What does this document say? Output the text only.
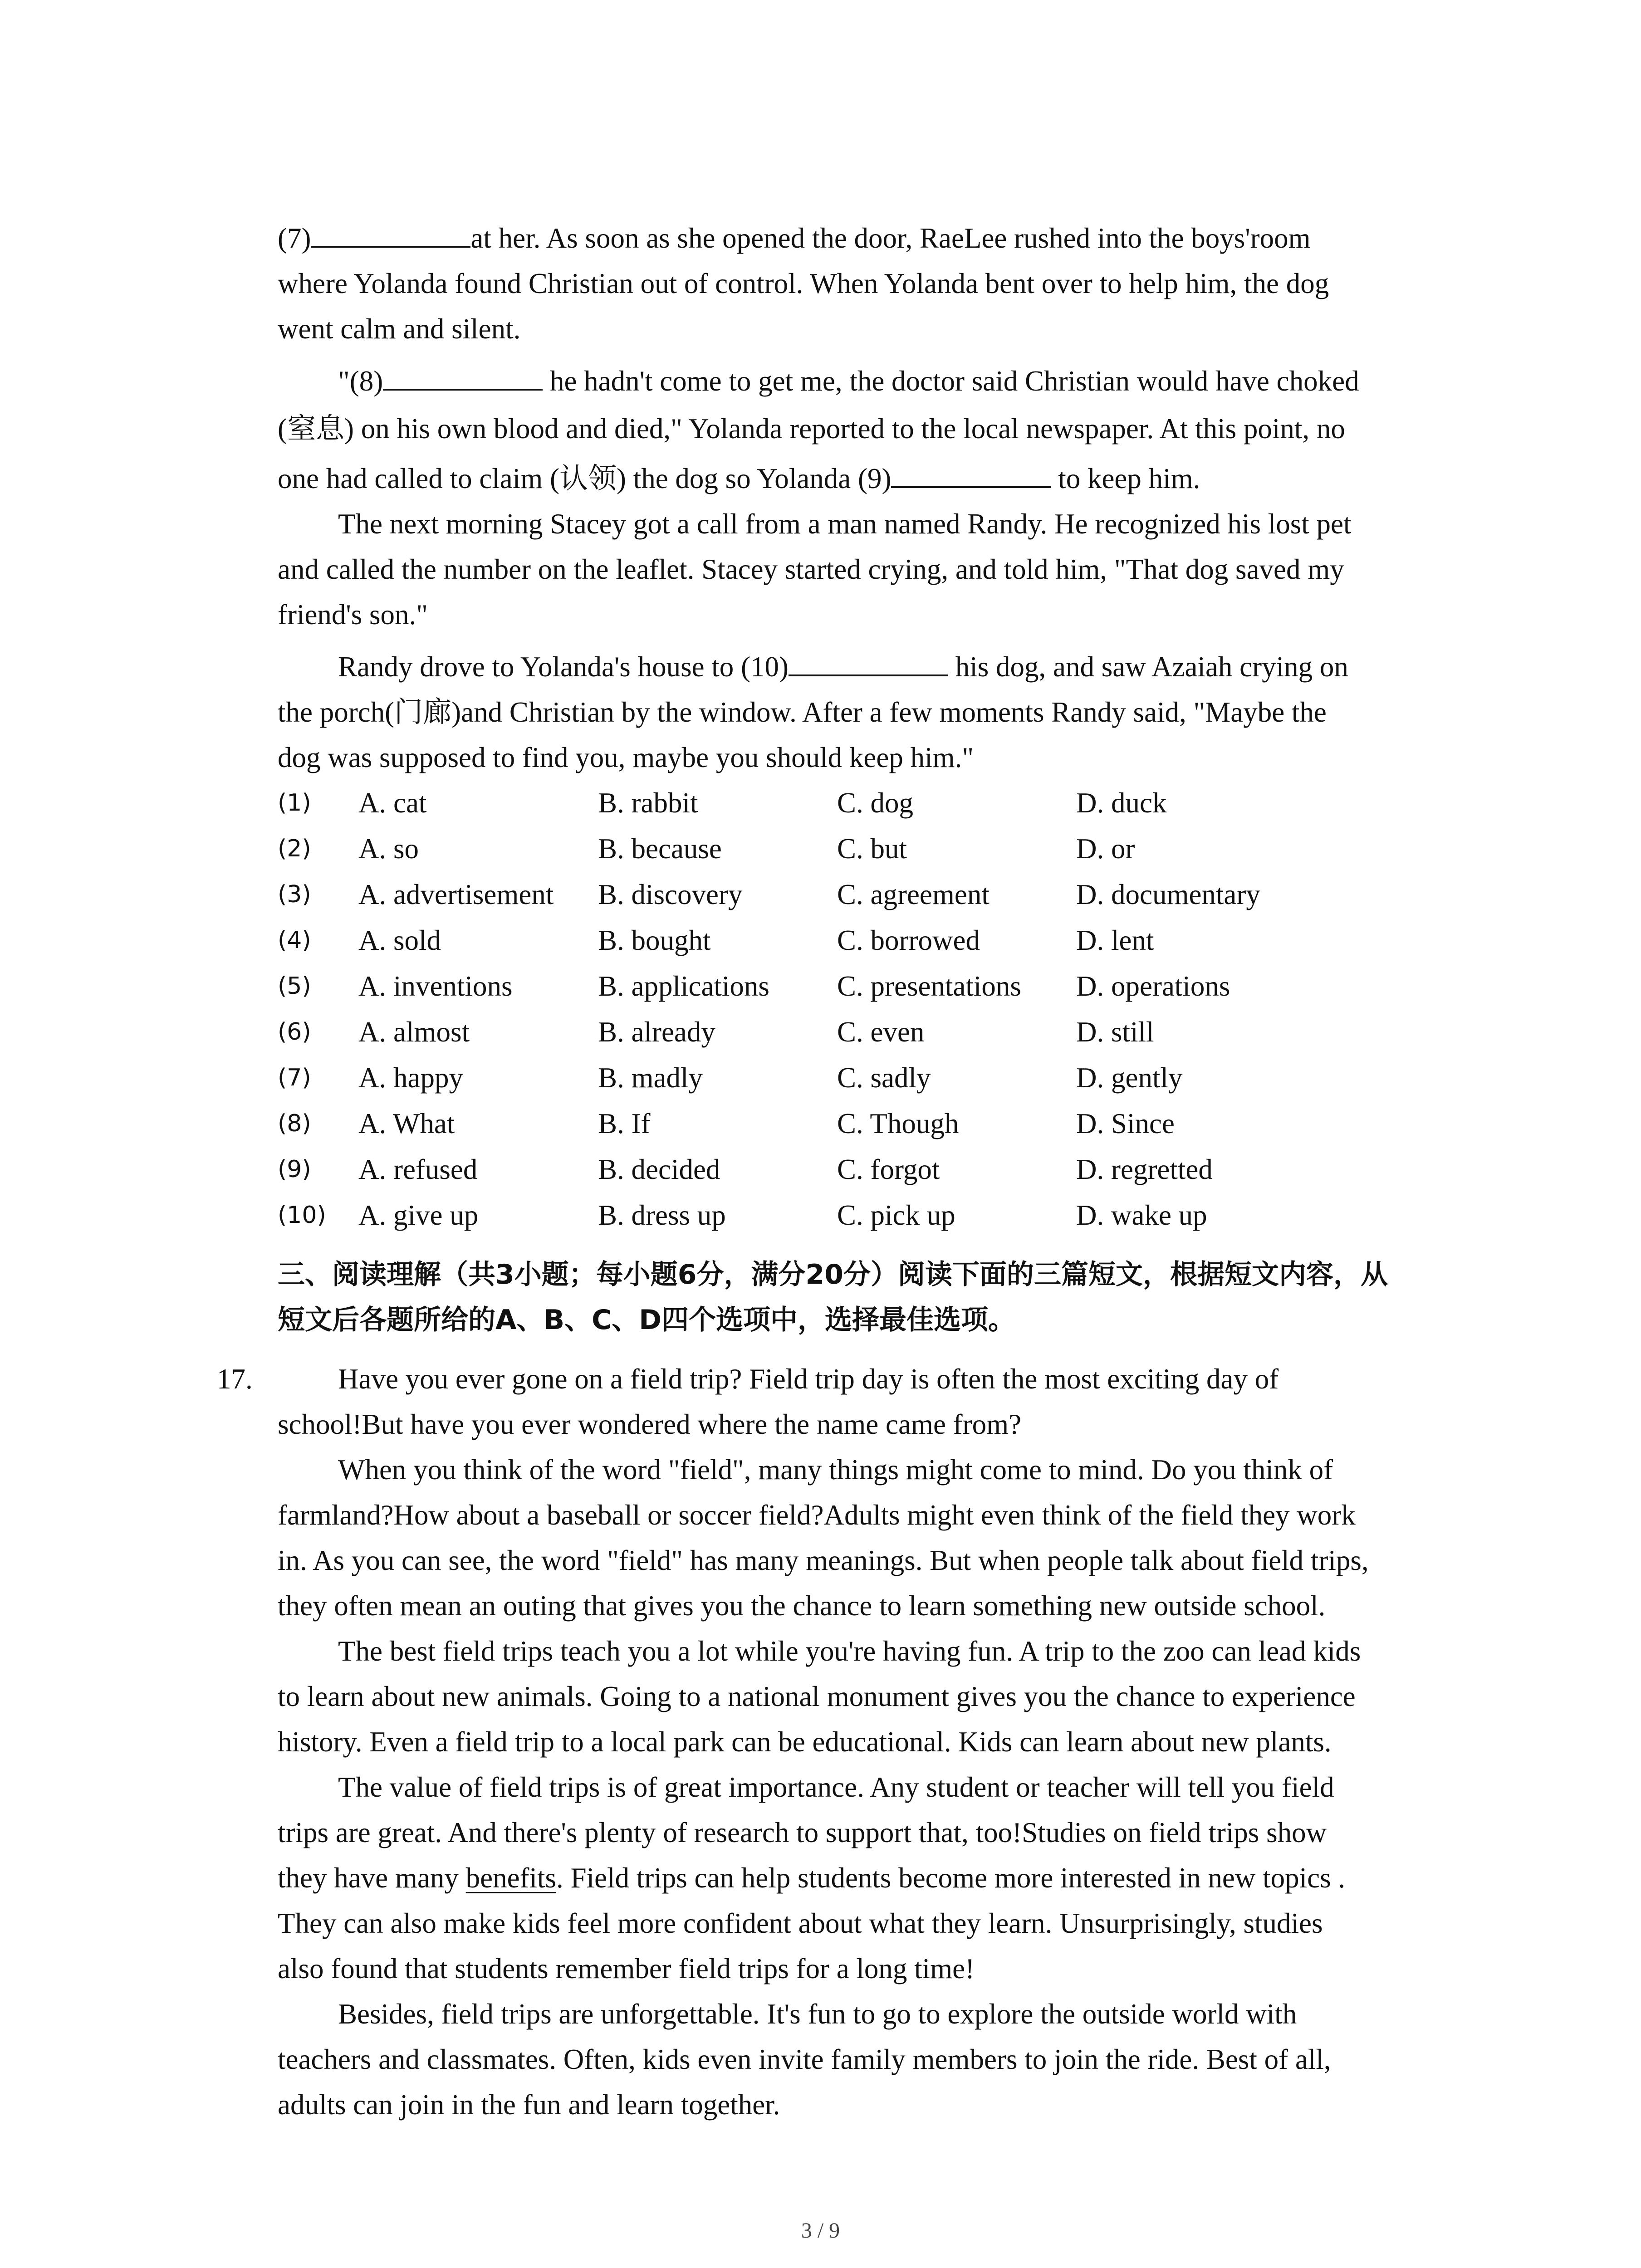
(7)	at her. As soon as she opened the door, RaeLee rushed into the boys'room
where Yolanda found Christian out of control. When Yolanda bent over to help him, the dog
went calm and silent.
"(8)	he hadn't come to get me, the doctor said Christian would have choked
(窒息) on his own blood and died," Yolanda reported to the local newspaper. At this point, no
one had called to claim (认领) the dog so Yolanda (9)	to keep him.
The next morning Stacey got a call from a man named Randy. He recognized his lost pet
and called the number on the leaflet. Stacey started crying, and told him, "That dog saved my
friend's son."
Randy drove to Yolanda's house to (10)	his dog, and saw Azaiah crying on
the porch(门廊)and Christian by the window. After a few moments Randy said, "Maybe the
dog was supposed to find you, maybe you should keep him."
(1) A. cat	B. rabbit	C. dog	D. duck
(2) A. so	B. because	C. but	D. or
(3) A. advertisement B. discovery	C. agreement	D. documentary
(4) A. sold	B. bought	C. borrowed	D. lent
(5) A. inventions	B. applications C. presentations D. operations
(6) A. almost	B. already	C. even	D. still
(7) A. happy	B. madly	C. sadly	D. gently
(8) A. What	B. If	C. Though	D. Since
(9) A. refused	B. decided	C. forgot	D. regretted
(10) A. give up	B. dress up	C. pick up	D. wake up
三、阅读理解（共3小题；每小题6分，满分20分）阅读下面的三篇短文，根据短文内容，从
短文后各题所给的A、B、C、D四个选项中，选择最佳选项。
17.	Have you ever gone on a field trip? Field trip day is often the most exciting day of
school!But have you ever wondered where the name came from?
When you think of the word "field", many things might come to mind. Do you think of
farmland?How about a baseball or soccer field?Adults might even think of the field they work
in. As you can see, the word "field" has many meanings. But when people talk about field trips,
they often mean an outing that gives you the chance to learn something new outside school.
The best field trips teach you a lot while you're having fun. A trip to the zoo can lead kids
to learn about new animals. Going to a national monument gives you the chance to experience
history. Even a field trip to a local park can be educational. Kids can learn about new plants.
The value of field trips is of great importance. Any student or teacher will tell you field
trips are great. And there's plenty of research to support that, too!Studies on field trips show
they have many benefits. Field trips can help students become more interested in new topics .
They can also make kids feel more confident about what they learn. Unsurprisingly, studies
also found that students remember field trips for a long time!
Besides, field trips are unforgettable. It's fun to go to explore the outside world with
teachers and classmates. Often, kids even invite family members to join the ride. Best of all,
adults can join in the fun and learn together.
3 / 9
